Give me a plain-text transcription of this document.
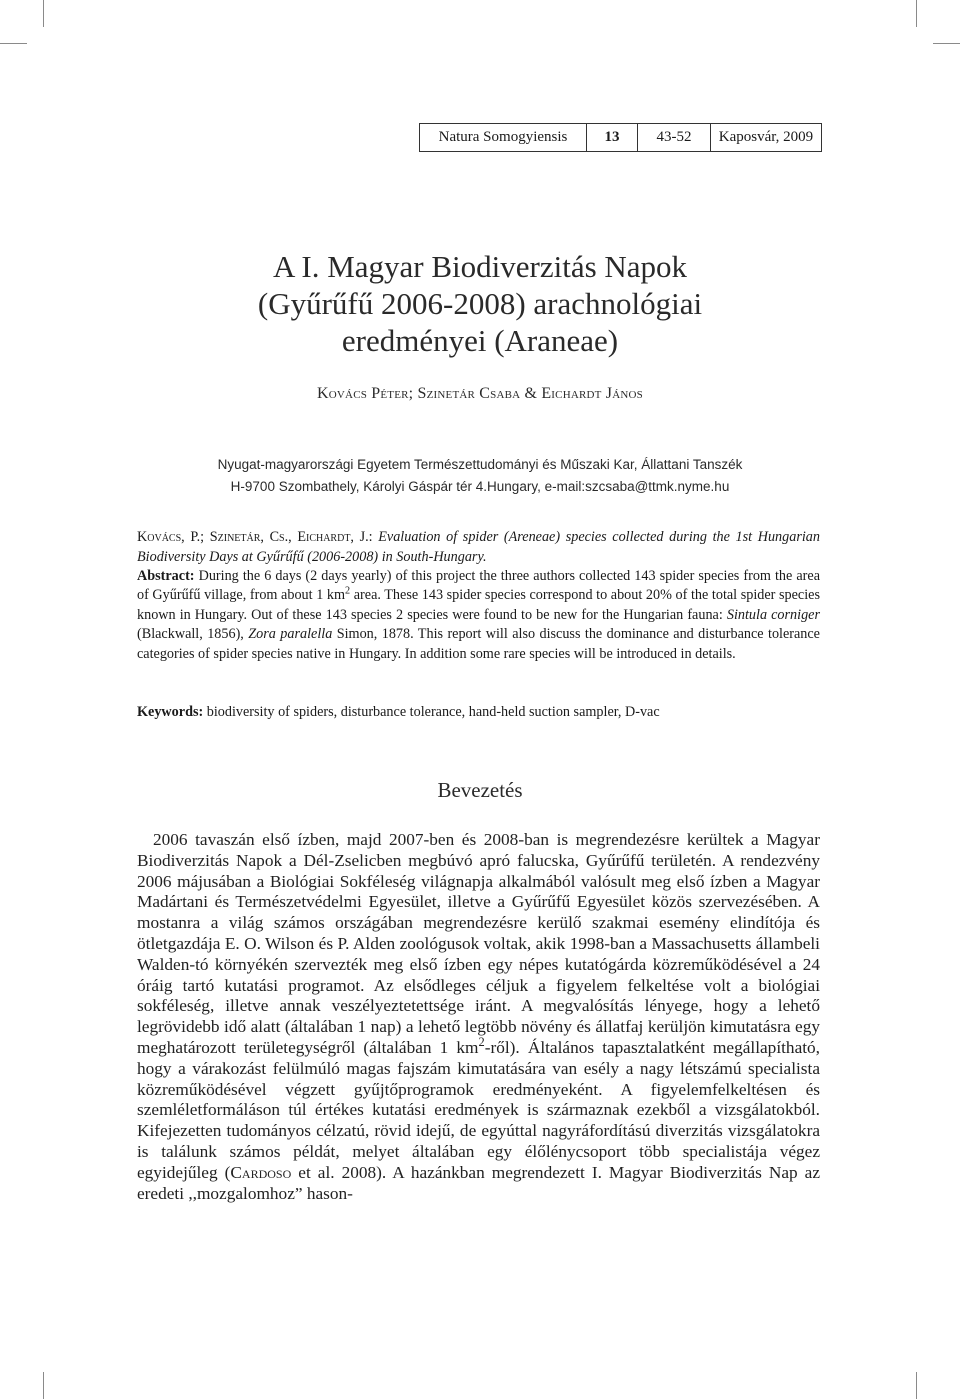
Natura Somogyiensis	13	43-52	Kaposvár, 2009
A I. Magyar Biodiverzitás Napok
(Gyűrűfű 2006-2008) arachnológiai
eredményei (Araneae)
Kovács Péter; Szinetár Csaba & Eichardt János
Nyugat-magyarországi Egyetem Természettudományi és Műszaki Kar, Állattani Tanszék
H-9700 Szombathely, Károlyi Gáspár tér 4.Hungary, e-mail:szcsaba@ttmk.nyme.hu
Kovács, P.; Szinetár, Cs., Eichardt, J.: Evaluation of spider (Areneae) species collected during the 1st Hungarian Biodiversity Days at Gyűrűfű (2006-2008) in South-Hungary.
Abstract: During the 6 days (2 days yearly) of this project the three authors collected 143 spider species from the area of Gyűrűfű village, from about 1 $km^2$ area. These 143 spider species correspond to about 20% of the total spider species known in Hungary. Out of these 143 species 2 species were found to be new for the Hungarian fauna: Sintula corniger (Blackwall, 1856), Zora paralella Simon, 1878. This report will also discuss the dominance and disturbance tolerance categories of spider species native in Hungary. In addition some rare species will be introduced in details.
Keywords: biodiversity of spiders, disturbance tolerance, hand-held suction sampler, D-vac
Bevezetés
2006 tavaszán első ízben, majd 2007-ben és 2008-ban is megrendezésre kerültek a Magyar Biodiverzitás Napok a Dél-Zselicben megbúvó apró falucska, Gyűrűfű területén. A rendezvény 2006 májusában a Biológiai Sokféleség világnapja alkalmából valósult meg első ízben a Magyar Madártani és Természetvédelmi Egyesület, illetve a Gyűrűfű Egyesület közös szervezésében. A mostanra a világ számos országában megrendezésre kerülő szakmai esemény elindítója és ötletgazdája E. O. Wilson és P. Alden zoológusok voltak, akik 1998-ban a Massachusetts állambeli Walden-tó környékén szervezték meg első ízben egy népes kutatógárda közreműködésével a 24 óráig tartó kutatási programot. Az elsődleges céljuk a figyelem felkeltése volt a biológiai sokféleség, illetve annak veszélyeztetettsége iránt. A megvalósítás lényege, hogy a lehető legrövidebb idő alatt (általában 1 nap) a lehető legtöbb növény és állatfaj kerüljön kimutatásra egy meghatározott területegységről (általában 1 $km^2-ről$). Általános tapasztalatként megállapítható, hogy a várakozást felülmúló magas fajszám kimutatására van esély a nagy létszámú specialista közreműködésével végzett gyűjtőprogramok eredményeként. A figyelemfelkeltésen és szemléletformáláson túl értékes kutatási eredmények is származnak ezekből a vizsgálatokból. Kifejezetten tudományos célzatú, rövid idejű, de egyúttal nagyráfordítású diverzitás vizsgálatokra is találunk számos példát, melyet általában egy élőlénycsoport több specialistája végez egyidejűleg (Cardoso et al. 2008). A hazánkban megrendezett I. Magyar Biodiverzitás Nap az eredeti ,,mozgalomhoz” hason-
